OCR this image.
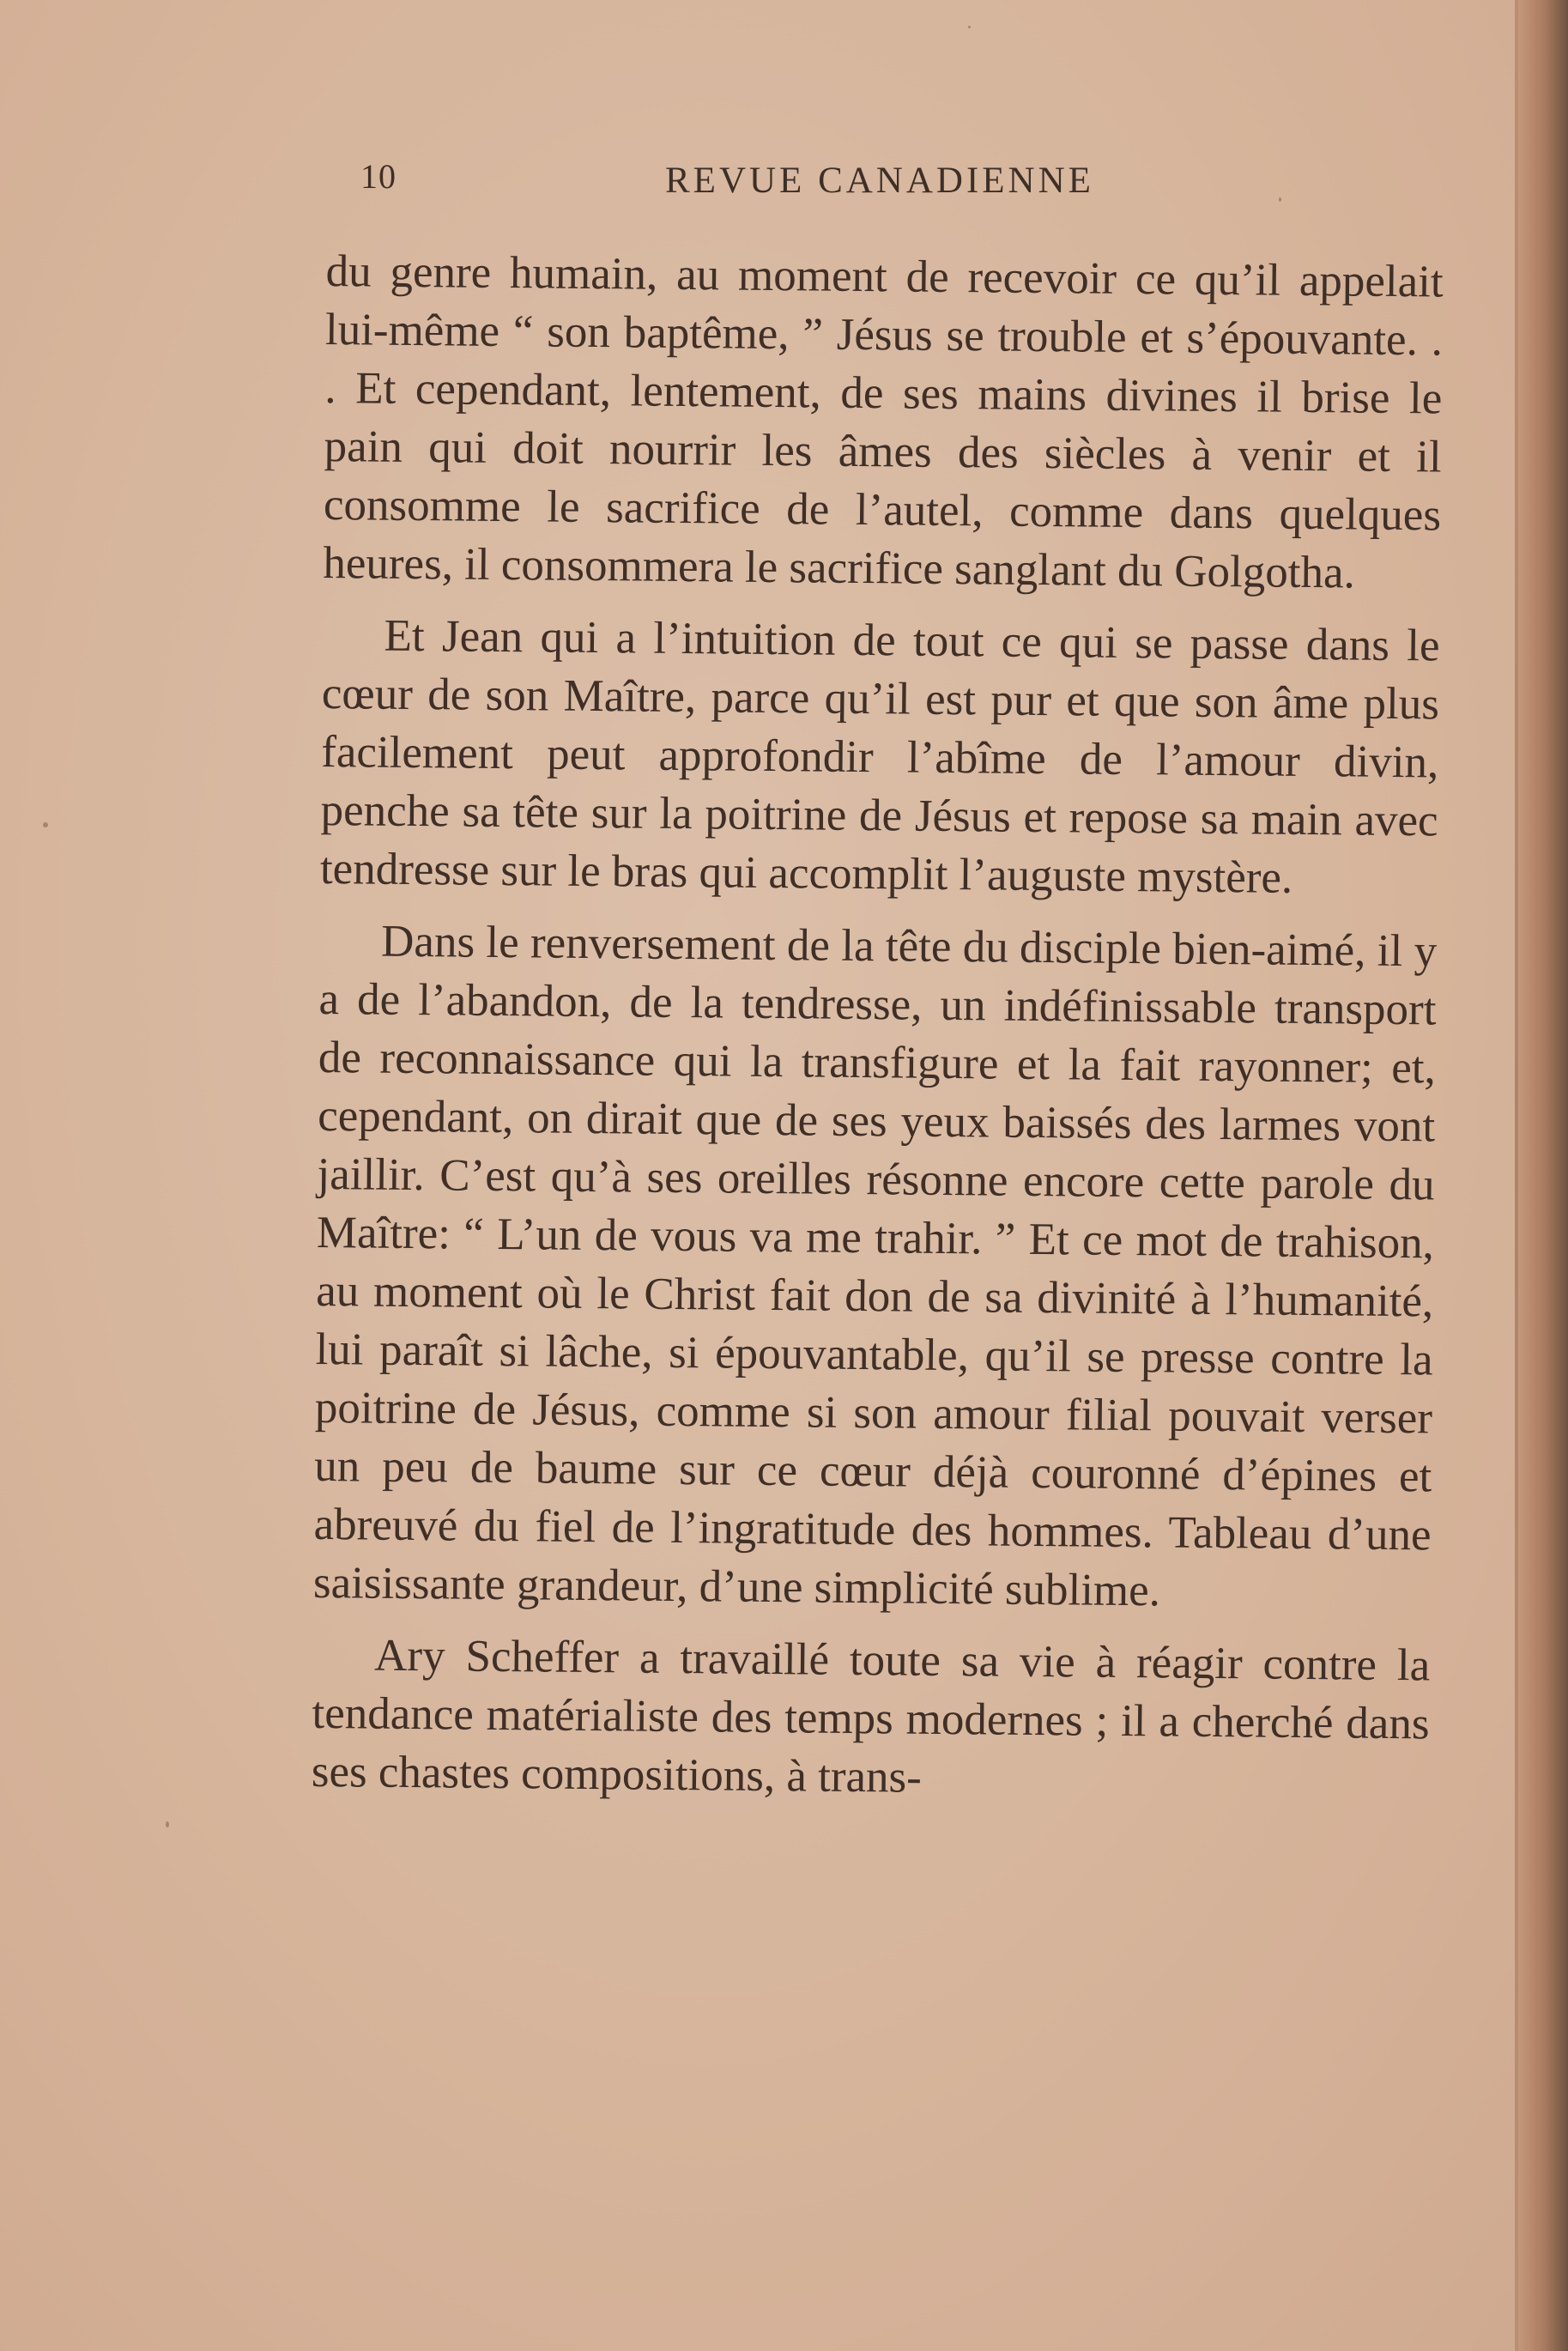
10	REVUE CANADIENNE

du genre humain, au moment de recevoir ce qu’il appelait lui-même “ son baptême, ” Jésus se trouble et s’épouvante. . . Et cependant, lentement, de ses mains divines il brise le pain qui doit nourrir les âmes des siècles à venir et il consomme le sacrifice de l’autel, comme dans quelques heures, il consommera le sacrifice sanglant du Golgotha.

Et Jean qui a l’intuition de tout ce qui se passe dans le cœur de son Maître, parce qu’il est pur et que son âme plus facilement peut approfondir l’abîme de l’amour divin, penche sa tête sur la poitrine de Jésus et repose sa main avec tendresse sur le bras qui accomplit l’auguste mystère.

Dans le renversement de la tête du disciple bien-aimé, il y a de l’abandon, de la tendresse, un indéfinissable transport de reconnaissance qui la transfigure et la fait rayonner; et, cependant, on dirait que de ses yeux baissés des larmes vont jaillir. C’est qu’à ses oreilles résonne encore cette parole du Maître: “ L’un de vous va me trahir. ” Et ce mot de trahison, au moment où le Christ fait don de sa divinité à l’humanité, lui paraît si lâche, si épouvantable, qu’il se presse contre la poitrine de Jésus, comme si son amour filial pouvait verser un peu de baume sur ce cœur déjà couronné d’épines et abreuvé du fiel de l’ingratitude des hommes. Tableau d’une saisissante grandeur, d’une simplicité sublime.

Ary Scheffer a travaillé toute sa vie à réagir contre la tendance matérialiste des temps modernes ; il a cherché dans ses chastes compositions, à trans-
